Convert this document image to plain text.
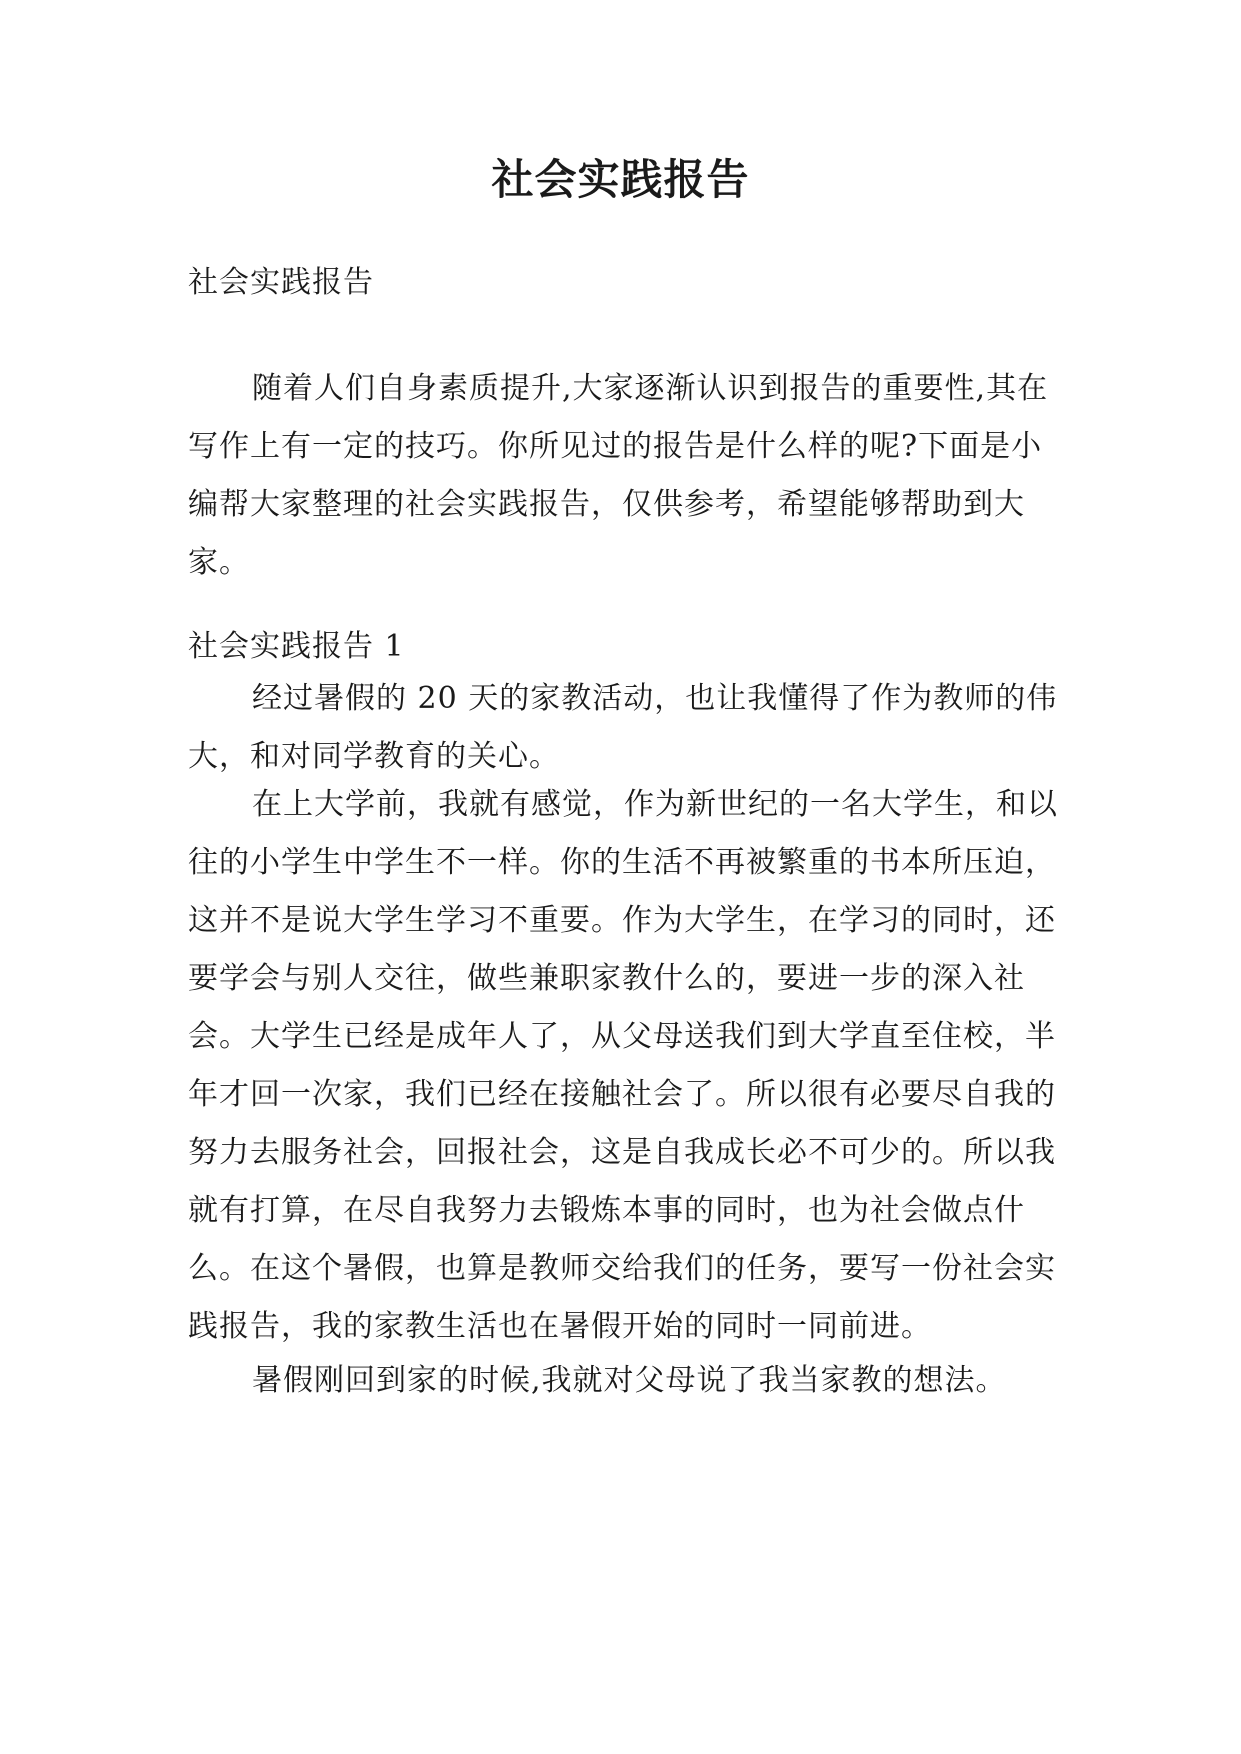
社会实践报告
社会实践报告
随着人们自身素质提升,大家逐渐认识到报告的重要性,其在写作上有一定的技巧。你所见过的报告是什么样的呢?下面是小编帮大家整理的社会实践报告，仅供参考，希望能够帮助到大家。
社会实践报告 1
经过暑假的 20 天的家教活动，也让我懂得了作为教师的伟大，和对同学教育的关心。
在上大学前，我就有感觉，作为新世纪的一名大学生，和以往的小学生中学生不一样。你的生活不再被繁重的书本所压迫，这并不是说大学生学习不重要。作为大学生，在学习的同时，还要学会与别人交往，做些兼职家教什么的，要进一步的深入社会。大学生已经是成年人了，从父母送我们到大学直至住校，半年才回一次家，我们已经在接触社会了。所以很有必要尽自我的努力去服务社会，回报社会，这是自我成长必不可少的。所以我就有打算，在尽自我努力去锻炼本事的同时，也为社会做点什么。在这个暑假，也算是教师交给我们的任务，要写一份社会实践报告，我的家教生活也在暑假开始的同时一同前进。
暑假刚回到家的时候,我就对父母说了我当家教的想法。
